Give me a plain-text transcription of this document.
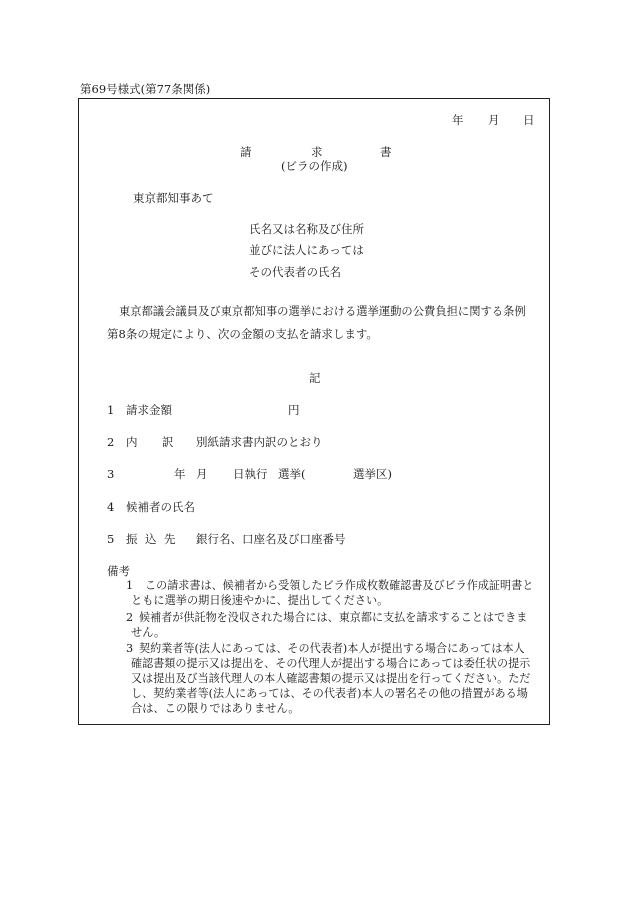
第69号様式(第77条関係)
年 月 日
請	求	書
(ビラの作成)
東京都知事あて
氏名又は名称及び住所
並びに法人にあっては
その代表者の氏名
東京都議会議員及び東京都知事の選挙における選挙運動の公費負担に関する条例
第8条の規定により、次の金額の支払を請求します。
記
1 請求金額	円
2 内 訳 別紙請求書内訳のとおり
3	年 月 日執行 選挙(	選挙区)
4 候補者の氏名
5 振 込 先 銀行名、口座名及び口座番号
備考
1 この請求書は、候補者から受領したビラ作成枚数確認書及びビラ作成証明書と
ともに選挙の期日後速やかに、提出してください。
2 候補者が供託物を没収された場合には、東京都に支払を請求することはできま
せん。
3 契約業者等(法人にあっては、その代表者)本人が提出する場合にあっては本人
確認書類の提示又は提出を、その代理人が提出する場合にあっては委任状の提示
又は提出及び当該代理人の本人確認書類の提示又は提出を行ってください。ただ
し、契約業者等(法人にあっては、その代表者)本人の署名その他の措置がある場
合は、この限りではありません。
